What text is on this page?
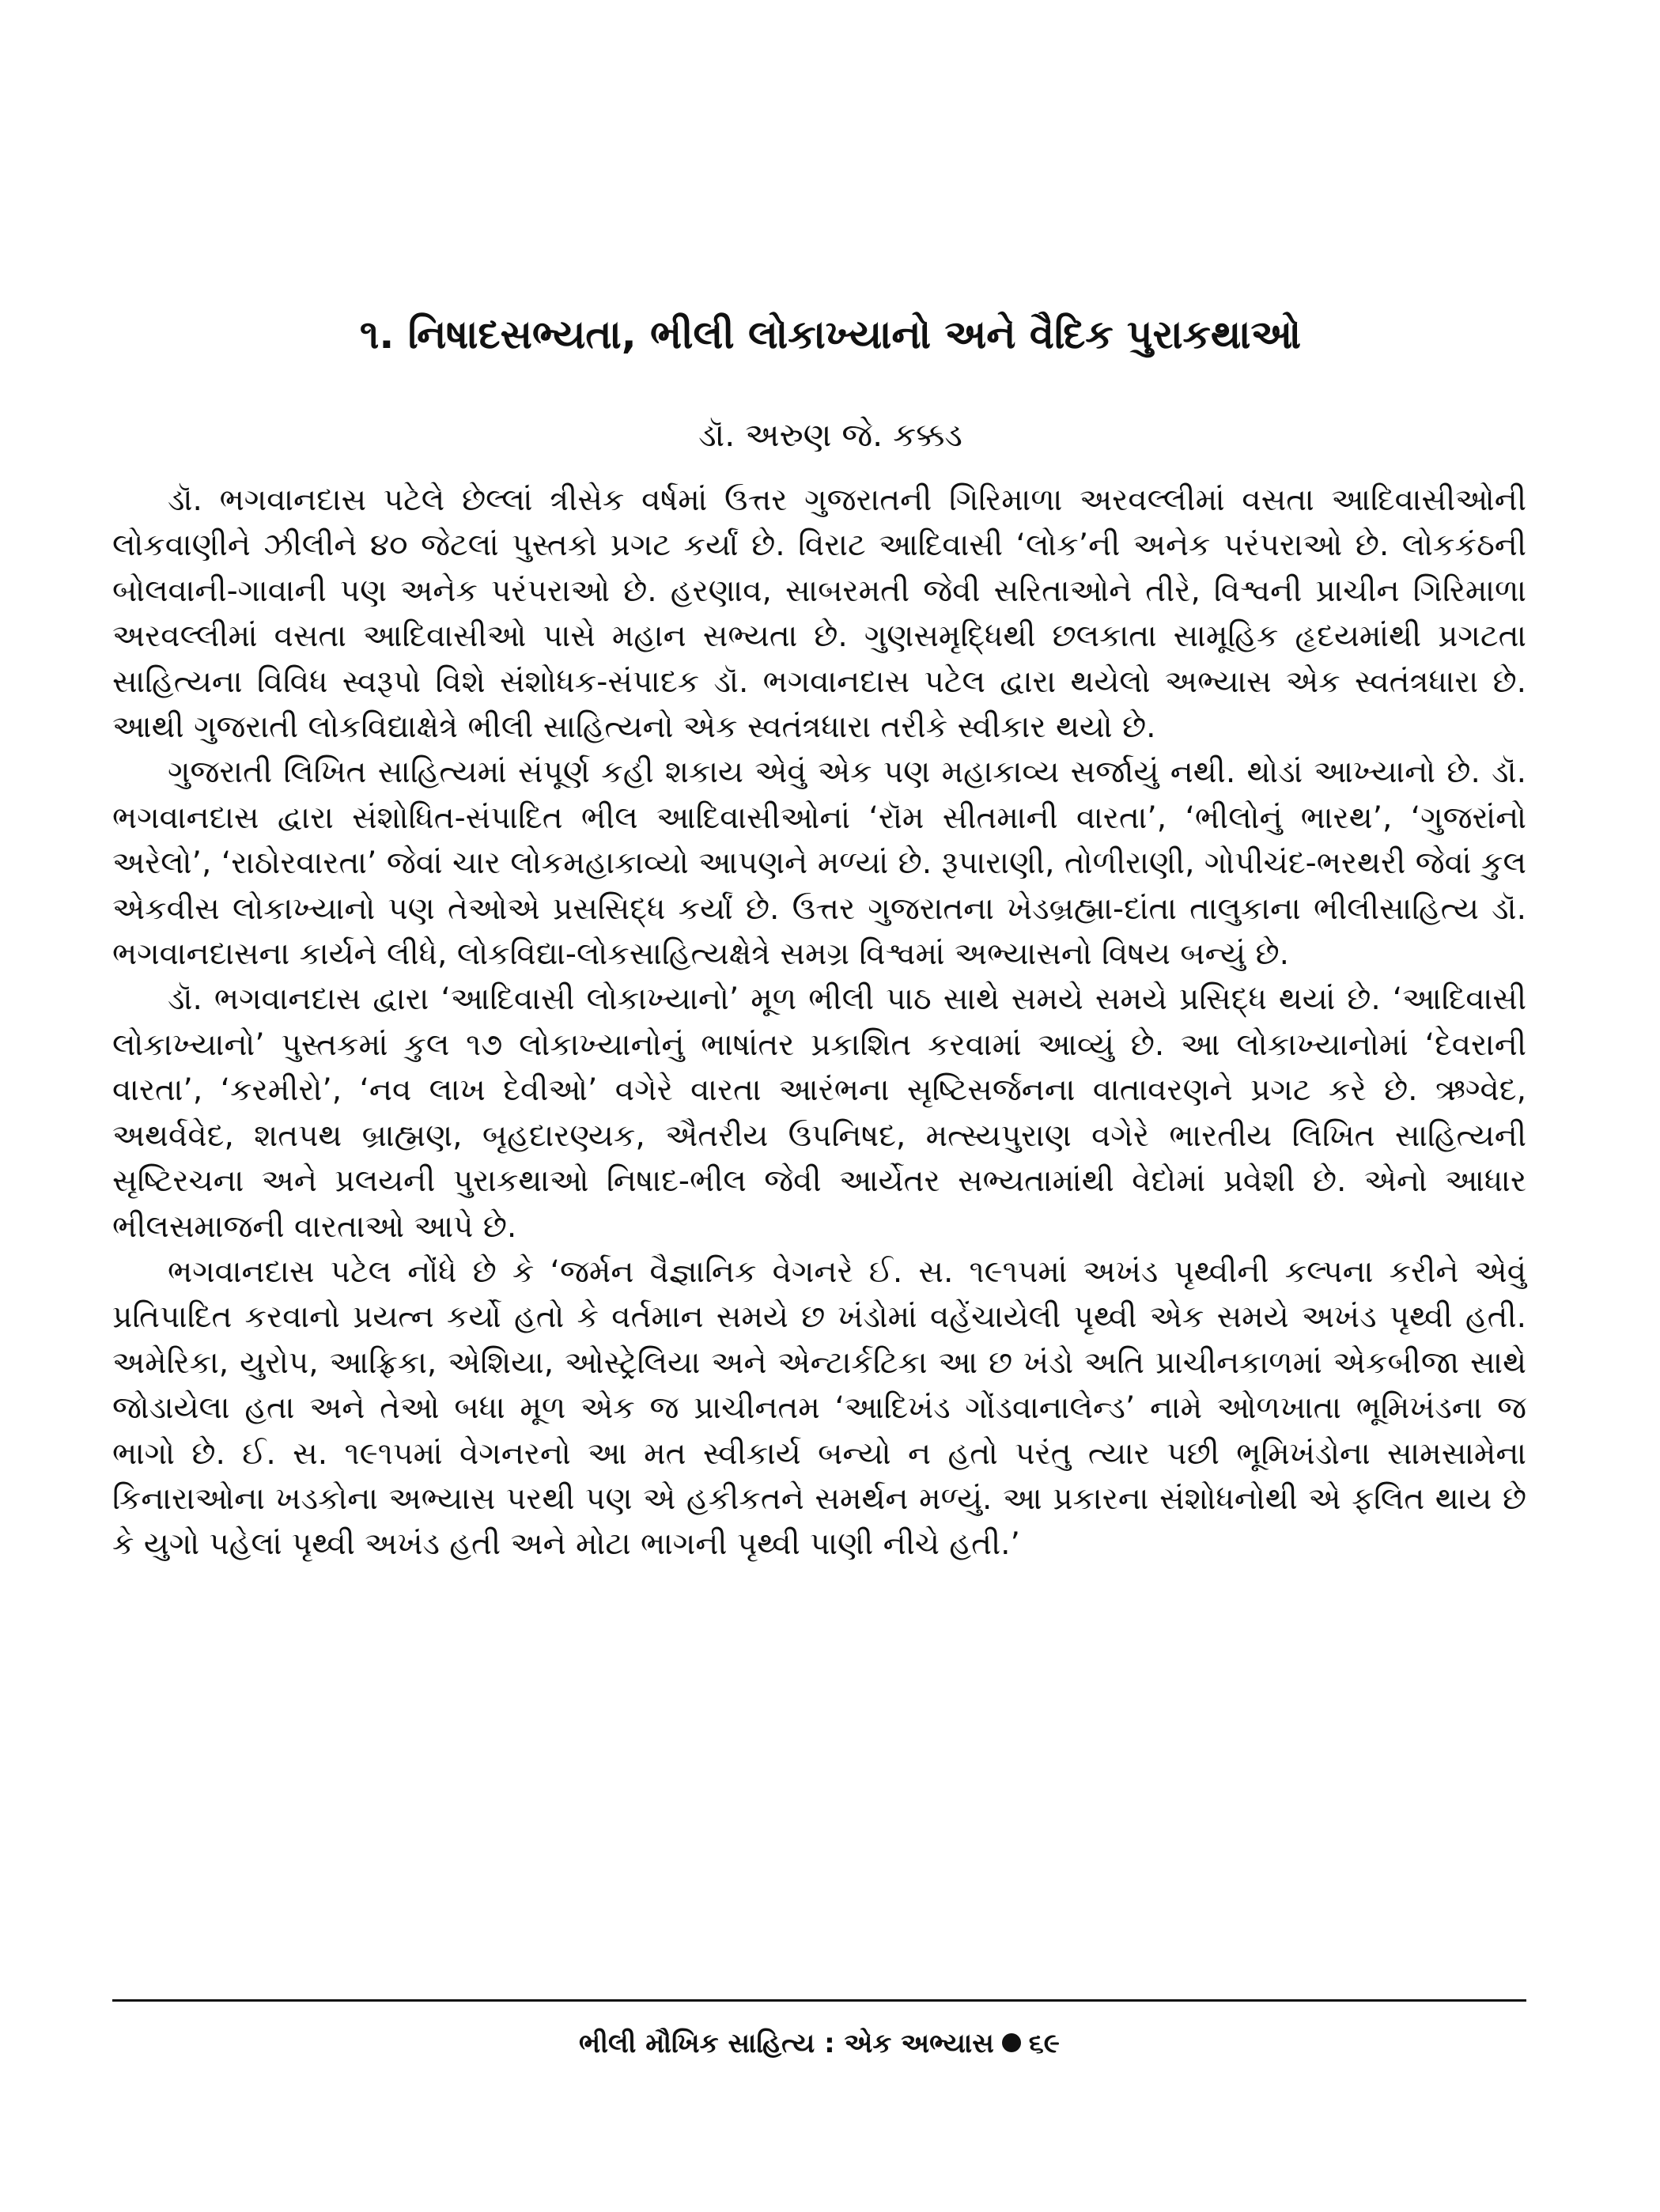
૧. નિષાદસભ્યતા, ભીલી લોકાખ્યાનો અને વૈદિક પુરાકથાઓ
ડૉ. અરુણ જે. કક્કડ

ડૉ. ભગવાનદાસ પટેલે છેલ્લાં ત્રીસેક વર્ષમાં ઉત્તર ગુજરાતની ગિરિમાળા અરવલ્લીમાં વસતા આદિવાસીઓની લોકવાણીને ઝીલીને ૪૦ જેટલાં પુસ્તકો પ્રગટ કર્યાં છે. વિરાટ આદિવાસી ‘લોક’ની અનેક પરંપરાઓ છે. લોકકંઠની બોલવાની-ગાવાની પણ અનેક પરંપરાઓ છે. હરણાવ, સાબરમતી જેવી સરિતાઓને તીરે, વિશ્વની પ્રાચીન ગિરિમાળા અરવલ્લીમાં વસતા આદિવાસીઓ પાસે મહાન સભ્યતા છે. ગુણસમૃદ્ધિથી છલકાતા સામૂહિક હૃદયમાંથી પ્રગટતા સાહિત્યના વિવિધ સ્વરૂપો વિશે સંશોધક-સંપાદક ડૉ. ભગવાનદાસ પટેલ દ્વારા થયેલો અભ્યાસ એક સ્વતંત્રધારા છે. આથી ગુજરાતી લોકવિદ્યાક્ષેત્રે ભીલી સાહિત્યનો એક સ્વતંત્રધારા તરીકે સ્વીકાર થયો છે.

ગુજરાતી લિખિત સાહિત્યમાં સંપૂર્ણ કહી શકાય એવું એક પણ મહાકાવ્ય સર્જાયું નથી. થોડાં આખ્યાનો છે. ડૉ. ભગવાનદાસ દ્વારા સંશોધિત-સંપાદિત ભીલ આદિવાસીઓનાં ‘રૉમ સીતમાની વારતા’, ‘ભીલોનું ભારથ’, ‘ગુજરાંનો અરેલો’, ‘રાઠોરવારતા’ જેવાં ચાર લોકમહાકાવ્યો આપણને મળ્યાં છે. રૂપારાણી, તોળીરાણી, ગોપીચંદ-ભરથરી જેવાં કુલ એકવીસ લોકાખ્યાનો પણ તેઓએ પ્રસસિદ્ધ કર્યાં છે. ઉત્તર ગુજરાતના ખેડબ્રહ્મા-દાંતા તાલુકાના ભીલીસાહિત્ય ડૉ. ભગવાનદાસના કાર્યને લીધે, લોકવિદ્યા-લોકસાહિત્યક્ષેત્રે સમગ્ર વિશ્વમાં અભ્યાસનો વિષય બન્યું છે.

ડૉ. ભગવાનદાસ દ્વારા ‘આદિવાસી લોકાખ્યાનો’ મૂળ ભીલી પાઠ સાથે સમયે સમયે પ્રસિદ્ધ થયાં છે. ‘આદિવાસી લોકાખ્યાનો’ પુસ્તકમાં કુલ ૧૭ લોકાખ્યાનોનું ભાષાંતર પ્રકાશિત કરવામાં આવ્યું છે. આ લોકાખ્યાનોમાં ‘દેવરાની વારતા’, ‘કરમીરો’, ‘નવ લાખ દેવીઓ’ વગેરે વારતા આરંભના સૃષ્ટિસર્જનના વાતાવરણને પ્રગટ કરે છે. ઋગ્વેદ, અથર્વવેદ, શતપથ બ્રાહ્મણ, બૃહદારણ્યક, ઐતરીય ઉપનિષદ, મત્સ્યપુરાણ વગેરે ભારતીય લિખિત સાહિત્યની સૃષ્ટિરચના અને પ્રલયની પુરાકથાઓ નિષાદ-ભીલ જેવી આર્યેતર સભ્યતામાંથી વેદોમાં પ્રવેશી છે. એનો આધાર ભીલસમાજની વારતાઓ આપે છે.

ભગવાનદાસ પટેલ નોંધે છે કે ‘જર્મન વૈજ્ઞાનિક વેગનરે ઈ. સ. ૧૯૧૫માં અખંડ પૃથ્વીની કલ્પના કરીને એવું પ્રતિપાદિત કરવાનો પ્રયત્ન કર્યો હતો કે વર્તમાન સમયે છ ખંડોમાં વહેંચાયેલી પૃથ્વી એક સમયે અખંડ પૃથ્વી હતી. અમેરિકા, યુરોપ, આફ્રિકા, એશિયા, ઓસ્ટ્રેલિયા અને એન્ટાર્કટિકા આ છ ખંડો અતિ પ્રાચીનકાળમાં એકબીજા સાથે જોડાયેલા હતા અને તેઓ બધા મૂળ એક જ પ્રાચીનતમ ‘આદિખંડ ગોંડવાનાલેન્ડ’ નામે ઓળખાતા ભૂમિખંડના જ ભાગો છે. ઈ. સ. ૧૯૧૫માં વેગનરનો આ મત સ્વીકાર્ય બન્યો ન હતો પરંતુ ત્યાર પછી ભૂમિખંડોના સામસામેના કિનારાઓના ખડકોના અભ્યાસ પરથી પણ એ હકીકતને સમર્થન મળ્યું. આ પ્રકારના સંશોધનોથી એ ફલિત થાય છે કે યુગો પહેલાં પૃથ્વી અખંડ હતી અને મોટા ભાગની પૃથ્વી પાણી નીચે હતી.’

ભીલી મૌખિક સાહિત્ય : એક અભ્યાસ ૬૯
